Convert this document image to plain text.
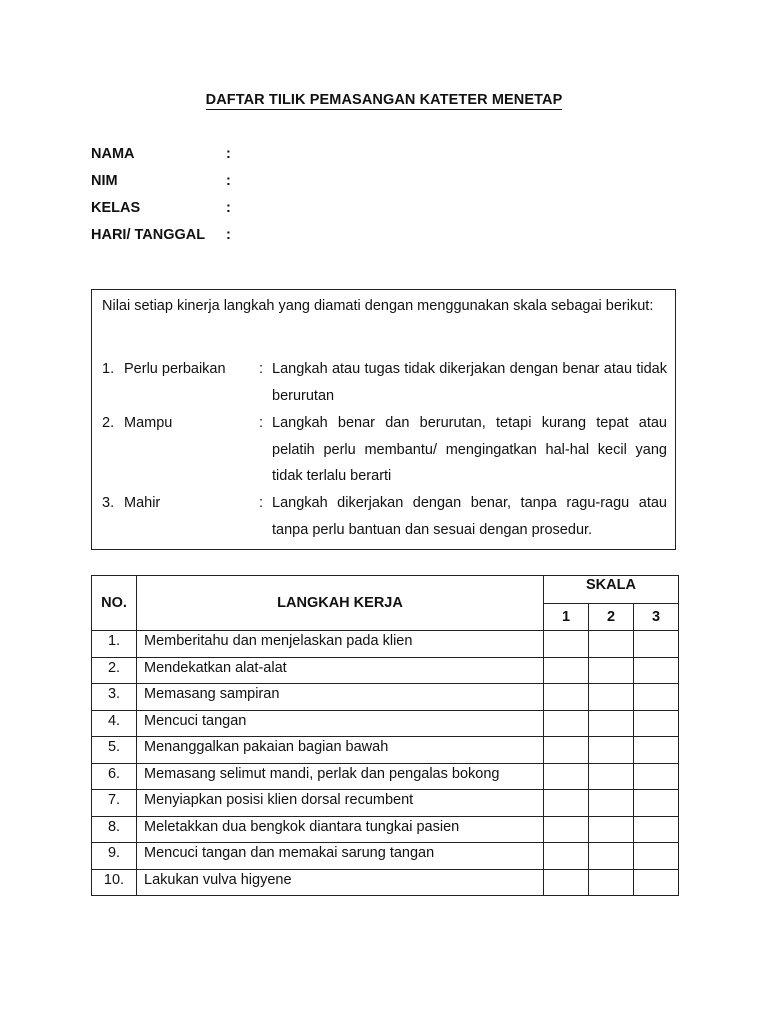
DAFTAR TILIK PEMASANGAN KATETER MENETAP
NAMA	:
NIM	:
KELAS	:
HARI/ TANGGAL :
Nilai setiap kinerja langkah yang diamati dengan menggunakan skala sebagai berikut:
1. Perlu perbaikan : Langkah atau tugas tidak dikerjakan dengan benar atau tidak berurutan
2. Mampu	: Langkah benar dan berurutan, tetapi kurang tepat atau pelatih perlu membantu/ mengingatkan hal-hal kecil yang tidak terlalu berarti
3. Mahir	: Langkah dikerjakan dengan benar, tanpa ragu-ragu atau tanpa perlu bantuan dan sesuai dengan prosedur.
NO.	LANGKAH KERJA	SKALA		
		1	2	3
1.	Memberitahu dan menjelaskan pada klien			
2.	Mendekatkan alat-alat			
3.	Memasang sampiran			
4.	Mencuci tangan			
5.	Menanggalkan pakaian bagian bawah			
6.	Memasang selimut mandi, perlak dan pengalas bokong			
7.	Menyiapkan posisi klien dorsal recumbent			
8.	Meletakkan dua bengkok diantara tungkai pasien			
9.	Mencuci tangan dan memakai sarung tangan			
10.	Lakukan vulva higyene			
